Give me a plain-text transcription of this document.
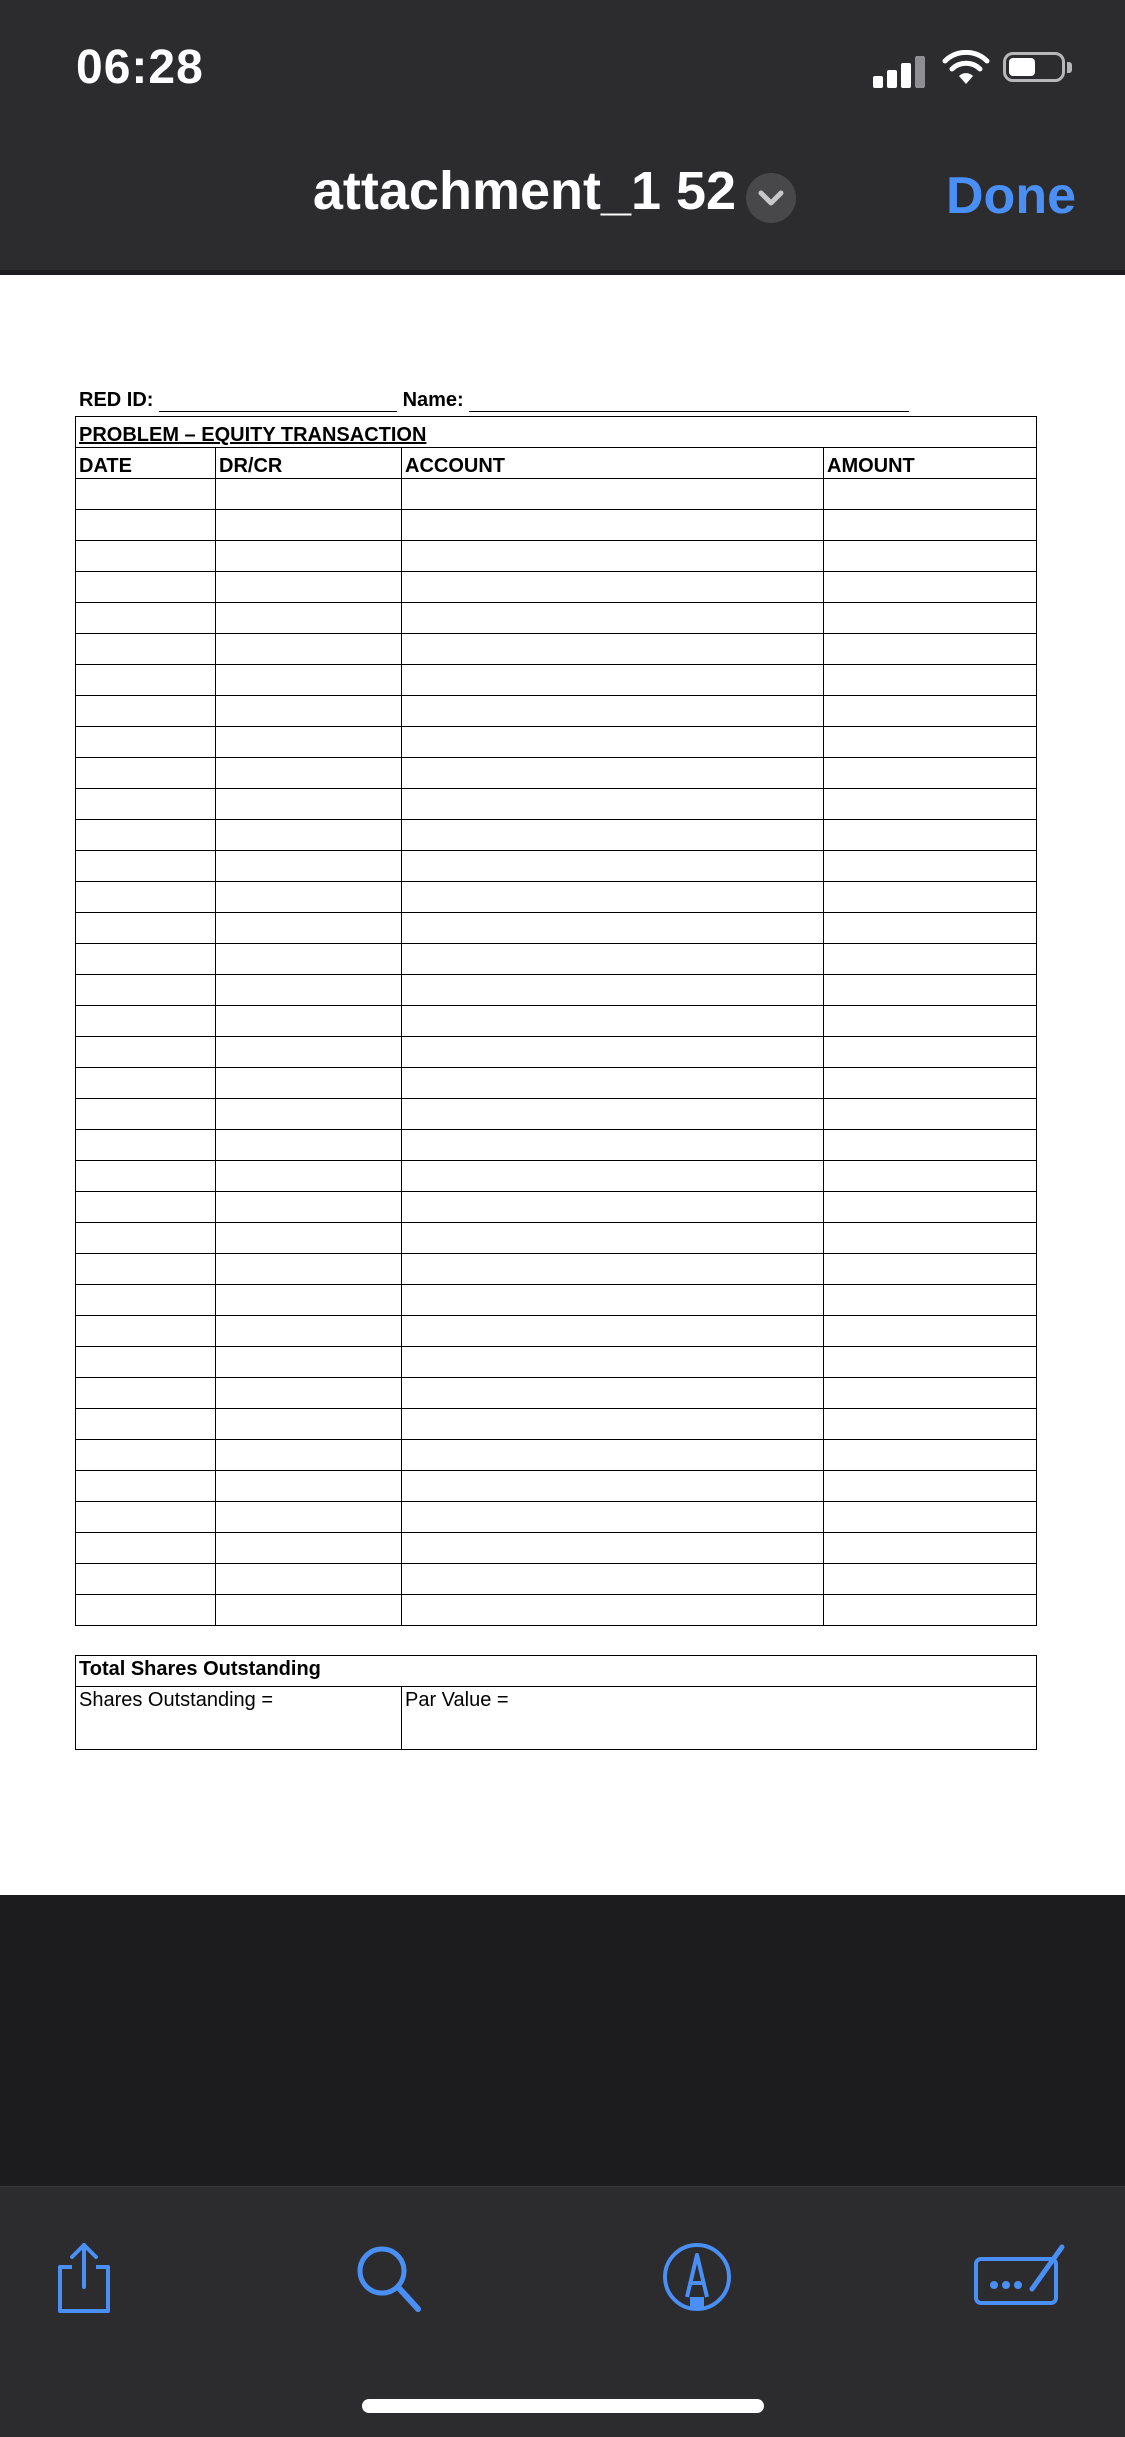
06:28
attachment_1 52	Done
RED ID:	Name:
PROBLEM – EQUITY TRANSACTION			
DATE	DR/CR	ACCOUNT	AMOUNT

Total Shares Outstanding
Shares Outstanding =	Par Value =
